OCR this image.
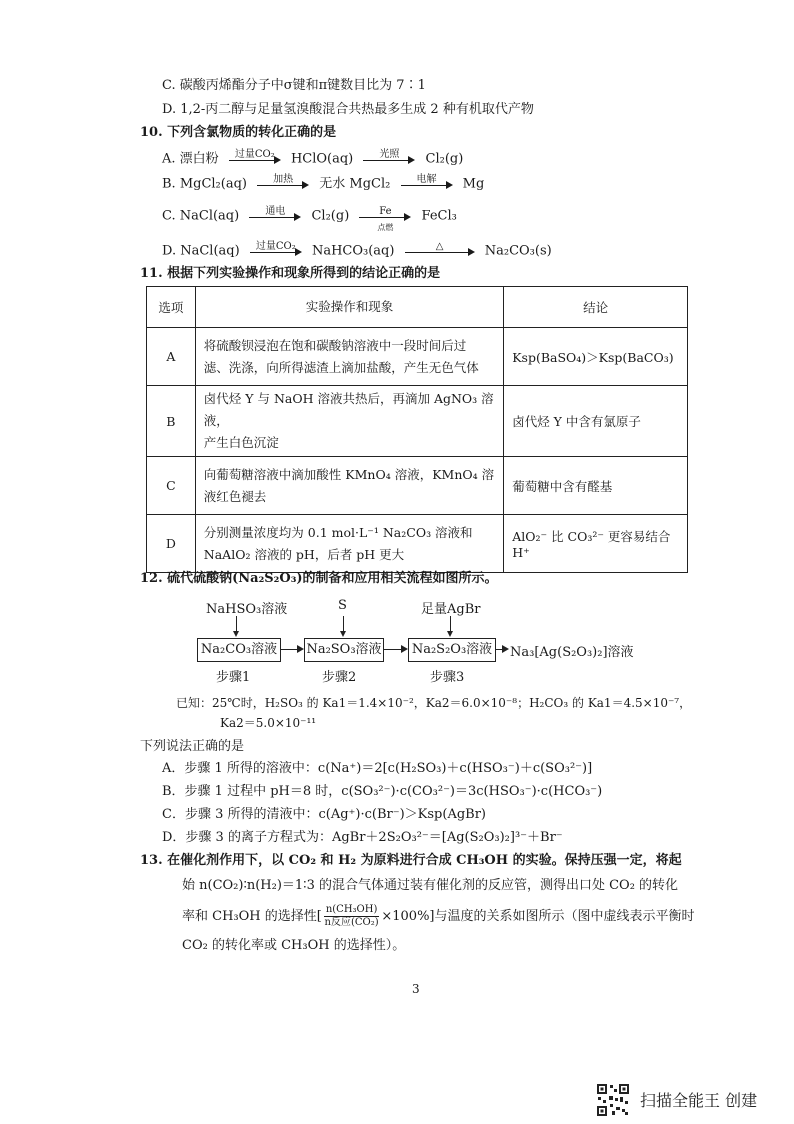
C. 碳酸丙烯酯分子中σ键和π键数目比为 7∶1
D. 1,2-丙二醇与足量氢溴酸混合共热最多生成 2 种有机取代产物
10. 下列含氯物质的转化正确的是
A. 漂白粉	过量CO₂	HClO(aq)	光照	Cl₂(g)
B. MgCl₂(aq)	加热	无水 MgCl₂	电解	Mg
C. NaCl(aq)	通电	Cl₂(g)	Fe
点燃
FeCl₃
D. NaCl(aq)	过量CO₂	NaHCO₃(aq)	△	Na₂CO₃(s)
11. 根据下列实验操作和现象所得到的结论正确的是
选项	实验操作和现象	结论
A	将硫酸钡浸泡在饱和碳酸钠溶液中一段时间后过
滤、洗涤，向所得滤渣上滴加盐酸，产生无色气体	Ksp(BaSO₄)＞Ksp(BaCO₃)
B	卤代烃 Y 与 NaOH 溶液共热后，再滴加 AgNO₃ 溶液，
产生白色沉淀	卤代烃 Y 中含有氯原子
C	向葡萄糖溶液中滴加酸性 KMnO₄ 溶液，KMnO₄ 溶
液红色褪去	葡萄糖中含有醛基
D	分别测量浓度均为 0.1 mol·L⁻¹ Na₂CO₃ 溶液和
NaAlO₂ 溶液的 pH，后者 pH 更大	AlO₂⁻ 比 CO₃²⁻ 更容易结合 H⁺
12. 硫代硫酸钠(Na₂S₂O₃)的制备和应用相关流程如图所示。
NaHSO₃溶液	S	足量AgBr
Na₂CO₃溶液	Na₂SO₃溶液 Na₂S₂O₃溶液 Na₃[Ag(S₂O₃)₂]溶液
步骤1	步骤2	步骤3
已知：25℃时，H₂SO₃ 的 Ka1＝1.4×10⁻²，Ka2＝6.0×10⁻⁸；H₂CO₃ 的 Ka1＝4.5×10⁻⁷，
Ka2＝5.0×10⁻¹¹
下列说法正确的是
A．步骤 1 所得的溶液中：c(Na⁺)＝2[c(H₂SO₃)＋c(HSO₃⁻)＋c(SO₃²⁻)]
B．步骤 1 过程中 pH＝8 时，c(SO₃²⁻)·c(CO₃²⁻)＝3c(HSO₃⁻)·c(HCO₃⁻)
C．步骤 3 所得的清液中：c(Ag⁺)·c(Br⁻)＞Ksp(AgBr)
D．步骤 3 的离子方程式为：AgBr＋2S₂O₃²⁻＝[Ag(S₂O₃)₂]³⁻＋Br⁻
13. 在催化剂作用下，以 CO₂ 和 H₂ 为原料进行合成 CH₃OH 的实验。保持压强一定，将起
始 n(CO₂)∶n(H₂)＝1∶3 的混合气体通过装有催化剂的反应管，测得出口处 CO₂ 的转化
率和 CH₃OH 的选择性[ $\frac{\text{n(CH₃OH)}}{\text{n反应(CO₂)}} \times 100\%$]与温度的关系如图所示（图中虚线表示平衡时
CO₂ 的转化率或 CH₃OH 的选择性）。
3
扫描全能王 创建
